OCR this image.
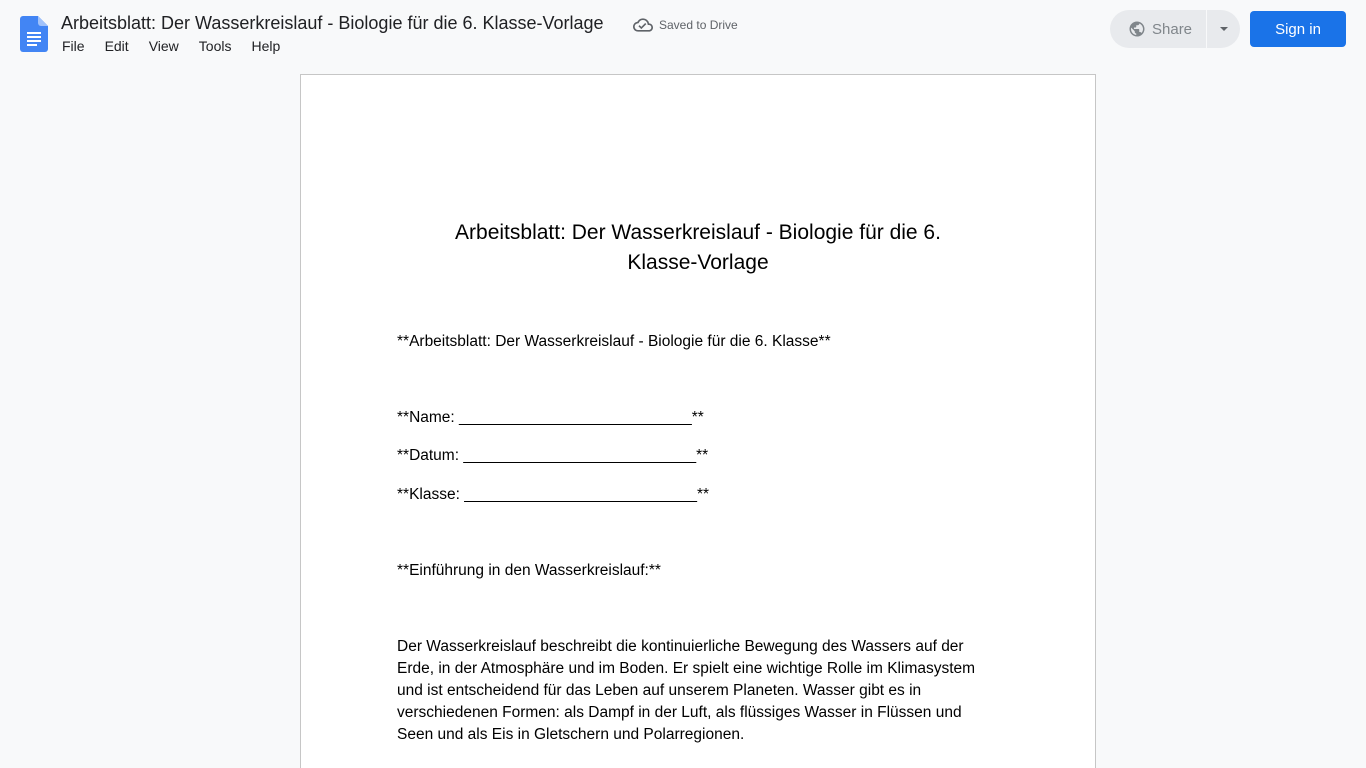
Arbeitsblatt: Der Wasserkreislauf - Biologie für die 6. Klasse-Vorlage	Saved to Drive
File	Edit	View	Tools	Help
Share	Sign in
Arbeitsblatt: Der Wasserkreislauf - Biologie für die 6.
Klasse-Vorlage
**Arbeitsblatt: Der Wasserkreislauf - Biologie für die 6. Klasse**
**Name: ___________________________**
**Datum: ___________________________**
**Klasse: ___________________________**
**Einführung in den Wasserkreislauf:**
Der Wasserkreislauf beschreibt die kontinuierliche Bewegung des Wassers auf der Erde, in der Atmosphäre und im Boden. Er spielt eine wichtige Rolle im Klimasystem und ist entscheidend für das Leben auf unserem Planeten. Wasser gibt es in verschiedenen Formen: als Dampf in der Luft, als flüssiges Wasser in Flüssen und Seen und als Eis in Gletschern und Polarregionen.
